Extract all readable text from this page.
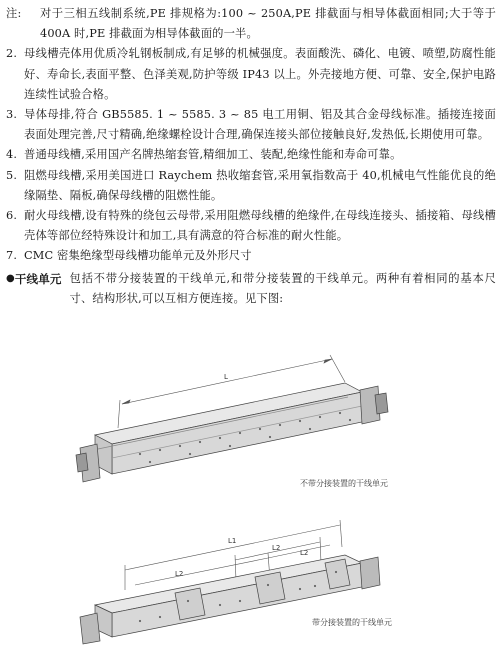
注:	对于三相五线制系统,PE 排规格为:100 ~ 250A,PE 排截面与相导体截面相同;大于等于 400A 时,PE 排截面为相导体截面的一半。
2. 母线槽壳体用优质冷轧钢板制成,有足够的机械强度。表面酸洗、磷化、电镀、喷塑,防腐性能好、寿命长,表面平整、色泽美观,防护等级 IP43 以上。外壳接地方便、可靠、安全,保护电路连续性试验合格。
3. 导体母排,符合 GB5585. 1 ~ 5585. 3 ~ 85 电工用铜、铝及其合金母线标准。插接连接面表面处理完善,尺寸精确,绝缘螺栓设计合理,确保连接头部位接触良好,发热低,长期使用可靠。
4. 普通母线槽,采用国产名牌热缩套管,精细加工、装配,绝缘性能和寿命可靠。
5. 阻燃母线槽,采用美国进口 Raychem 热收缩套管,采用氧指数高于 40,机械电气性能优良的绝缘隔垫、隔板,确保母线槽的阻燃性能。
6. 耐火母线槽,设有特殊的绕包云母带,采用阻燃母线槽的绝缘件,在母线连接头、插接箱、母线槽壳体等部位经特殊设计和加工,具有满意的符合标准的耐火性能。
7. CMC 密集绝缘型母线槽功能单元及外形尺寸
● 干线单元 包括不带分接装置的干线单元,和带分接装置的干线单元。两种有着相同的基本尺寸、结构形状,可以互相方便连接。见下图:
L
不带分接装置的干线单元
L1
L2
L2
L2
带分接装置的干线单元
